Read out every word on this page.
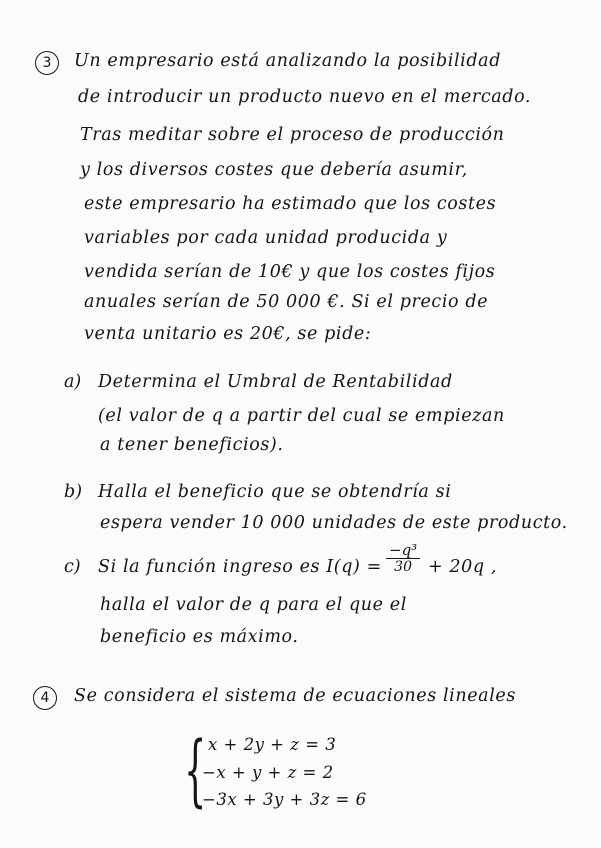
3	Un empresario está analizando la posibilidad
de introducir un producto nuevo en el mercado.
Tras meditar sobre el proceso de producción
y los diversos costes que debería asumir,
este empresario ha estimado que los costes
variables por cada unidad producida y
vendida serían de 10€ y que los costes fijos
anuales serían de 50 000 €. Si el precio de
venta unitario es 20€, se pide:
a) Determina el Umbral de Rentabilidad
(el valor de q a partir del cual se empiezan
a tener beneficios).
b) Halla el beneficio que se obtendría si
espera vender 10 000 unidades de este producto.
c) Si la función ingreso es $I(q) = \frac{\text{−q³}}{30} + 20q$ ,
halla el valor de q para el que el
beneficio es máximo.
4	Se considera el sistema de ecuaciones lineales
{ x + 2y + z = 3
−x + y + z = 2
−3x + 3y + 3z = 6
